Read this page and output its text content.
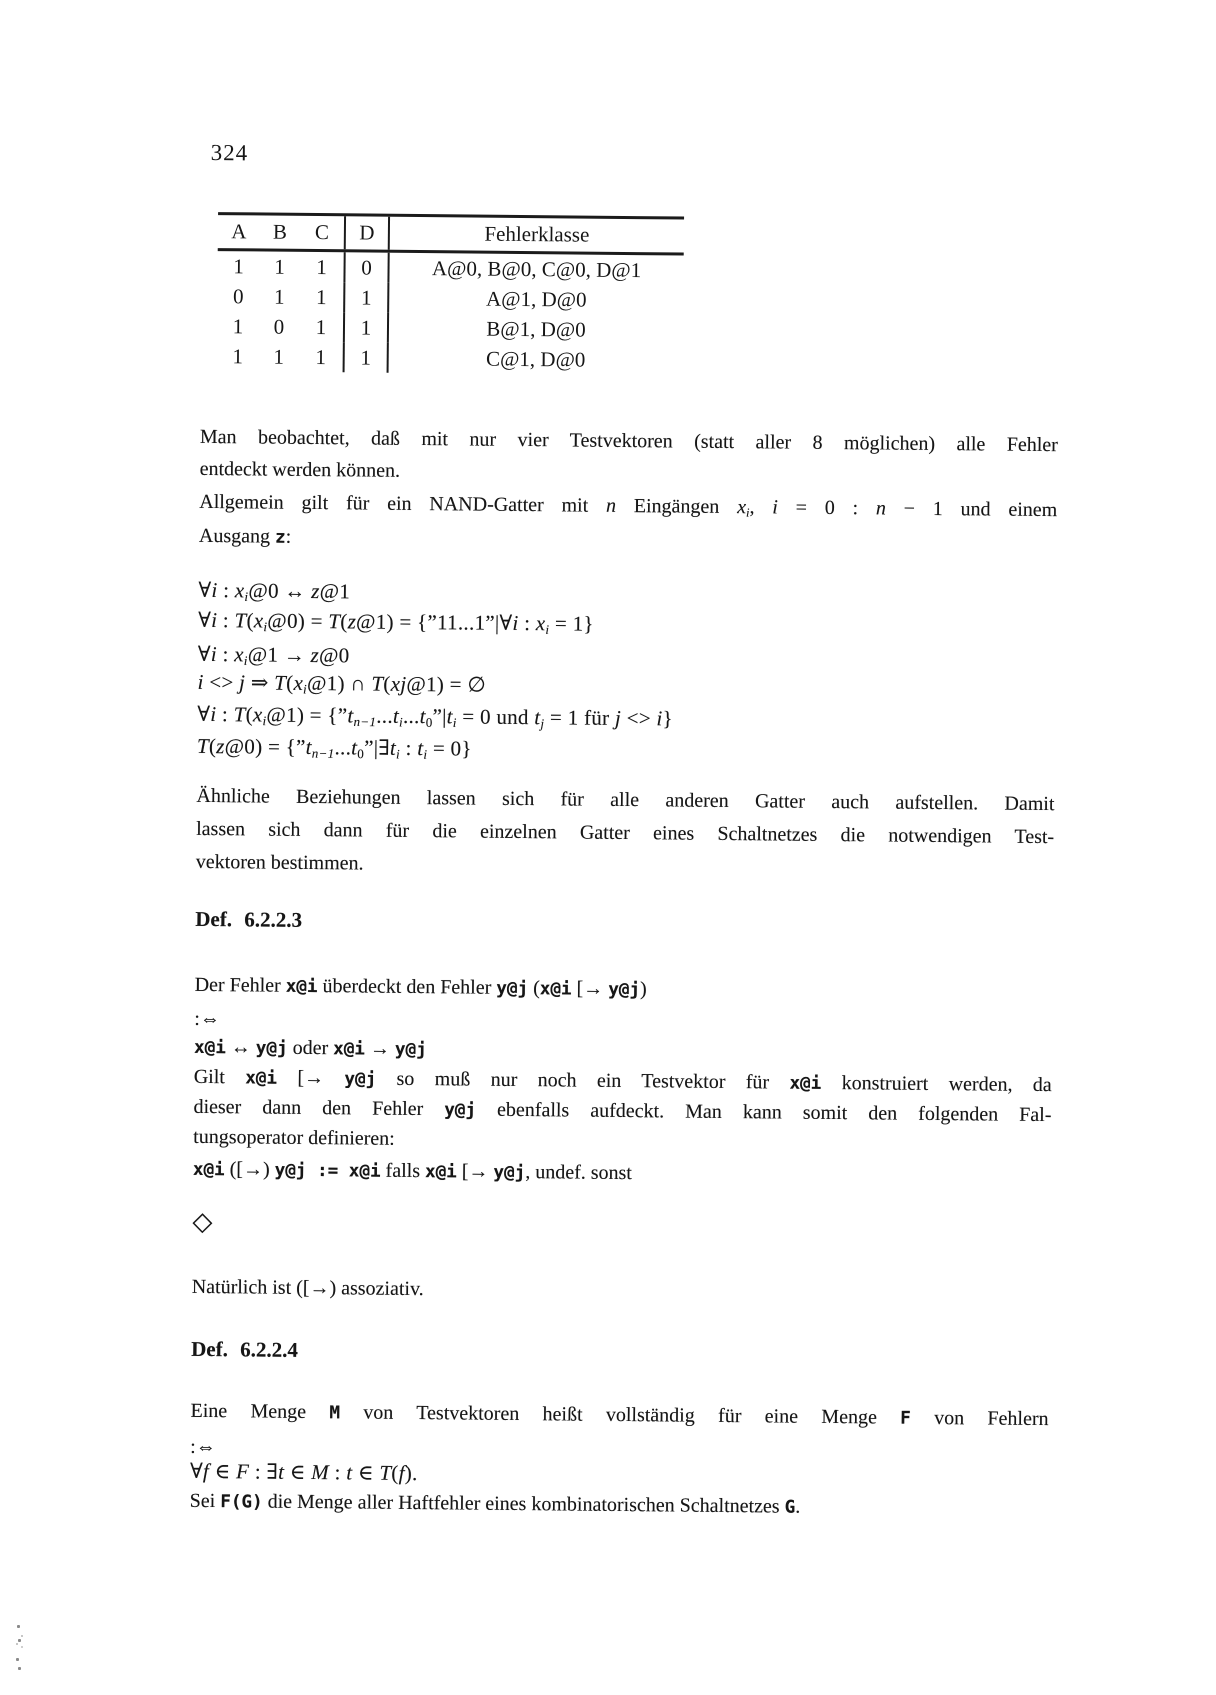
324
A	B	C	D	Fehlerklasse
1	1	1	0	A@0, B@0, C@0, D@1
0	1	1	1	A@1, D@0
1	0	1	1	B@1, D@0
1	1	1	1	C@1, D@0
Man beobachtet, daß mit nur vier Testvektoren (statt aller 8 möglichen) alle Fehler
entdeckt werden können.
Allgemein gilt für ein NAND-Gatter mit n Eingängen xi, i = 0 : n − 1 und einem
Ausgang z:
∀i : xi@0 ↔ z@1
∀i : T(xi@0) = T(z@1) = {”11...1”|∀i : xi = 1}
∀i : xi@1 → z@0
i <> j ⇒ T(xi@1) ∩ T(xj@1) = ∅
∀i : T(xi@1) = {”tn−1...ti...t0”|ti = 0 und tj = 1 für j <> i}
T(z@0) = {”tn−1...t0”|∃ti : ti = 0}
Ähnliche Beziehungen lassen sich für alle anderen Gatter auch aufstellen. Damit
lassen sich dann für die einzelnen Gatter eines Schaltnetzes die notwendigen Test-
vektoren bestimmen.
Def. 6.2.2.3
Der Fehler x@i überdeckt den Fehler y@j (x@i [→ y@j)
:⇔
x@i ↔ y@j oder x@i → y@j
Gilt x@i [→ y@j so muß nur noch ein Testvektor für x@i konstruiert werden, da
dieser dann den Fehler y@j ebenfalls aufdeckt. Man kann somit den folgenden Fal-
tungsoperator definieren:
x@i ([→) y@j := x@i falls x@i [→ y@j, undef. sonst
◇
Natürlich ist ([→) assoziativ.
Def. 6.2.2.4
Eine Menge M von Testvektoren heißt vollständig für eine Menge F von Fehlern
:⇔
∀f ∈ F : ∃t ∈ M : t ∈ T(f).
Sei F(G) die Menge aller Haftfehler eines kombinatorischen Schaltnetzes G.
